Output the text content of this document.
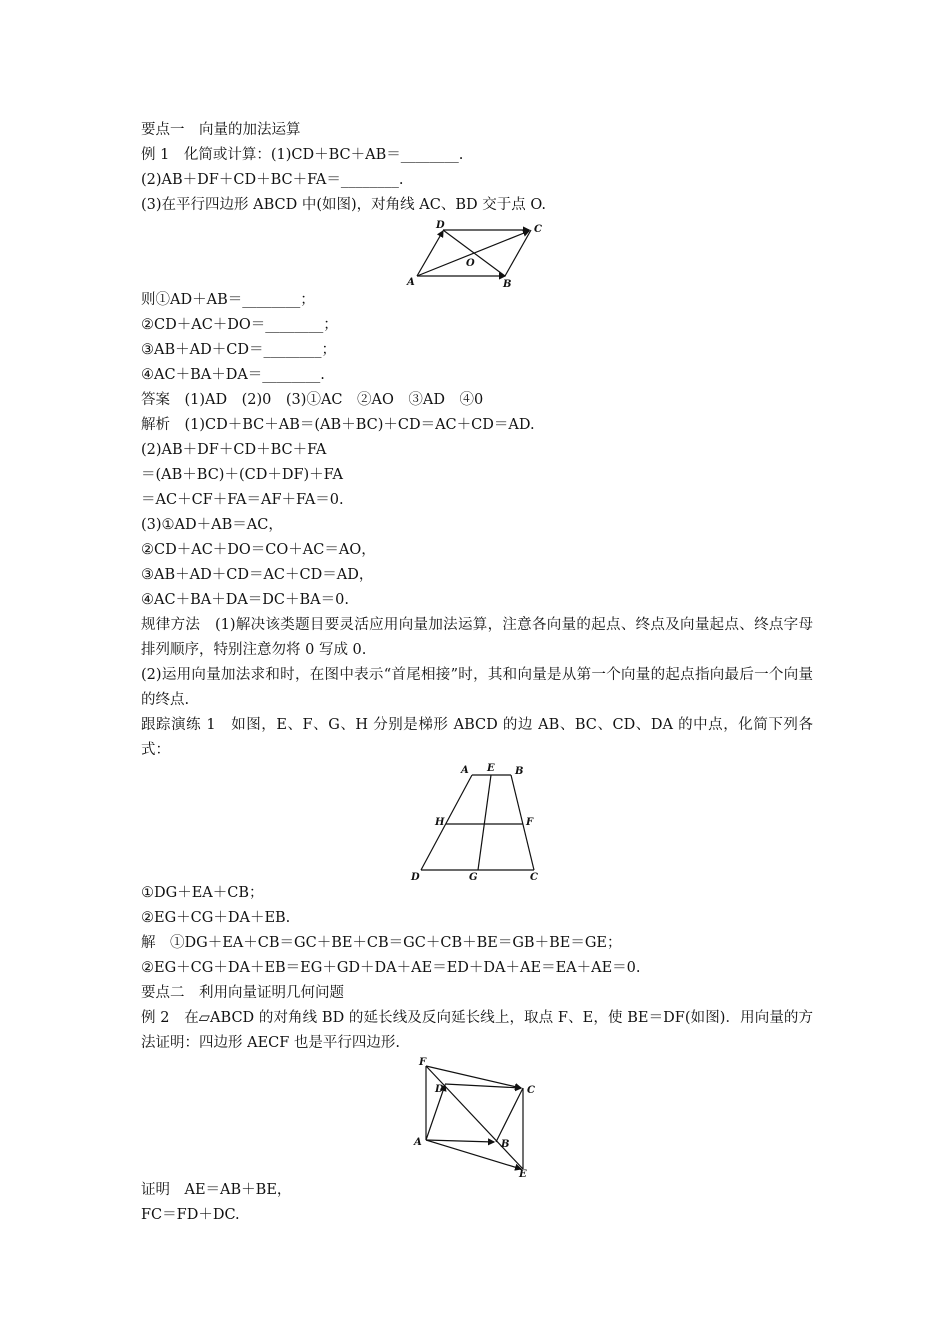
要点一　向量的加法运算
例 1　化简或计算：(1)CD＋BC＋AB＝________.
(2)AB＋DF＋CD＋BC＋FA＝________.
(3)在平行四边形 ABCD 中(如图)，对角线 AC、BD 交于点 O.
A	B
C
D
O
则①AD＋AB＝________；
②CD＋AC＋DO＝________；
③AB＋AD＋CD＝________；
④AC＋BA＋DA＝________.
答案　(1)AD　(2)0　(3)①AC　②AO　③AD　④0
解析　(1)CD＋BC＋AB＝(AB＋BC)＋CD＝AC＋CD＝AD.
(2)AB＋DF＋CD＋BC＋FA
＝(AB＋BC)＋(CD＋DF)＋FA
＝AC＋CF＋FA＝AF＋FA＝0.
(3)①AD＋AB＝AC，
②CD＋AC＋DO＝CO＋AC＝AO，
③AB＋AD＋CD＝AC＋CD＝AD，
④AC＋BA＋DA＝DC＋BA＝0.
规律方法　(1)解决该类题目要灵活应用向量加法运算，注意各向量的起点、终点及向量起点、终点字母排列顺序，特别注意勿将 0 写成 0.
(2)运用向量加法求和时，在图中表示“首尾相接”时，其和向量是从第一个向量的起点指向最后一个向量的终点.
跟踪演练 1　如图，E、F、G、H 分别是梯形 ABCD 的边 AB、BC、CD、DA 的中点，化简下列各式：
A E B
H	F
D	G	C
①DG＋EA＋CB；
②EG＋CG＋DA＋EB.
解　①DG＋EA＋CB＝GC＋BE＋CB＝GC＋CB＋BE＝GB＋BE＝GE；
②EG＋CG＋DA＋EB＝EG＋GD＋DA＋AE＝ED＋DA＋AE＝EA＋AE＝0.
要点二　利用向量证明几何问题
例 2　在▱ABCD 的对角线 BD 的延长线及反向延长线上，取点 F、E，使 BE＝DF(如图)．用向量的方法证明：四边形 AECF 也是平行四边形.
F
D	C
A	B
E
证明　AE＝AB＋BE，
FC＝FD＋DC.
